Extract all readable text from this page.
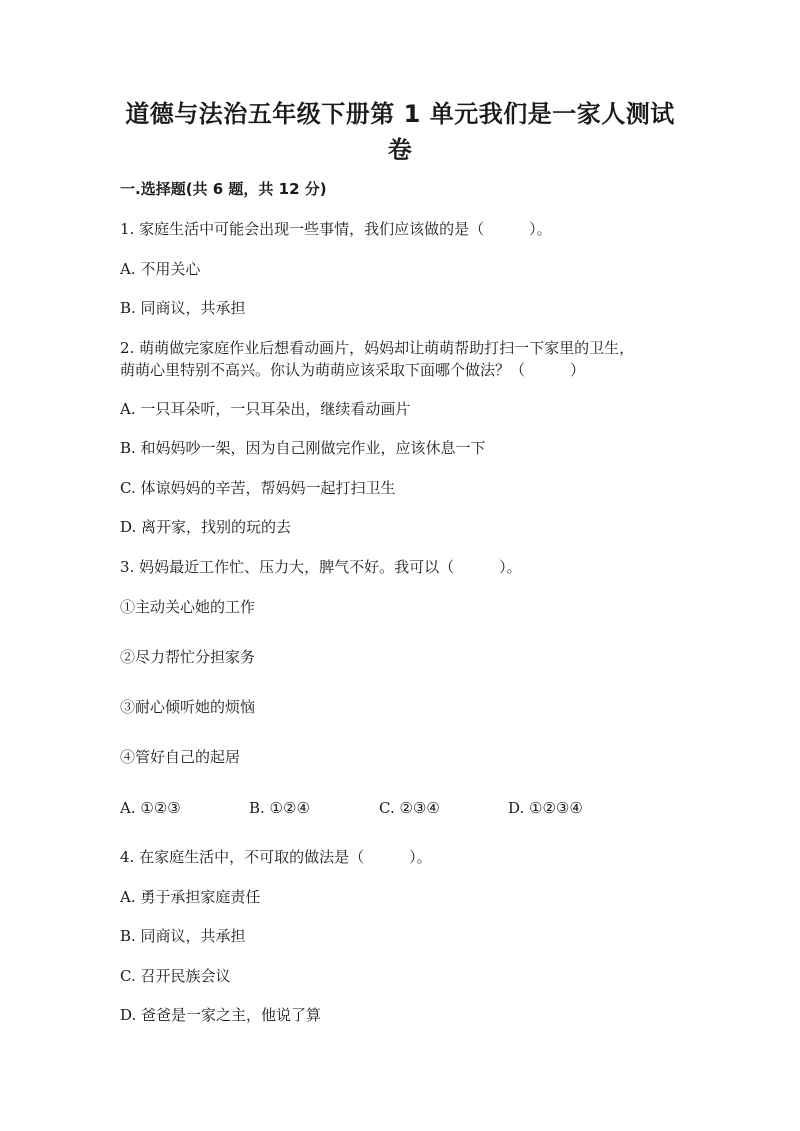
道德与法治五年级下册第 1 单元我们是一家人测试
卷
一.选择题(共 6 题，共 12 分)
1. 家庭生活中可能会出现一些事情，我们应该做的是（　　　）。
A. 不用关心
B. 同商议，共承担
2. 萌萌做完家庭作业后想看动画片，妈妈却让萌萌帮助打扫一下家里的卫生，
萌萌心里特别不高兴。你认为萌萌应该采取下面哪个做法？（　　　）
A. 一只耳朵听，一只耳朵出，继续看动画片
B. 和妈妈吵一架，因为自己刚做完作业，应该休息一下
C. 体谅妈妈的辛苦，帮妈妈一起打扫卫生
D. 离开家，找别的玩的去
3. 妈妈最近工作忙、压力大，脾气不好。我可以（　　　）。
①主动关心她的工作
②尽力帮忙分担家务
③耐心倾听她的烦恼
④管好自己的起居
A. ①②③	B. ①②④	C. ②③④	D. ①②③④
4. 在家庭生活中，不可取的做法是（　　　）。
A. 勇于承担家庭责任
B. 同商议，共承担
C. 召开民族会议
D. 爸爸是一家之主，他说了算
